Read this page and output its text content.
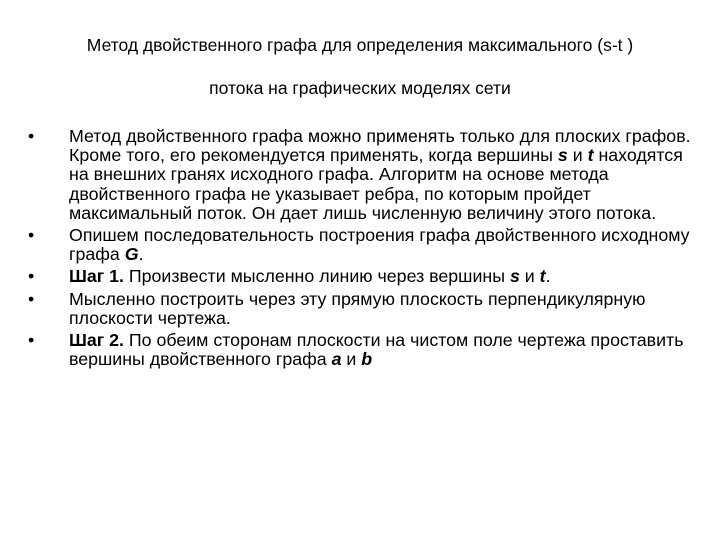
Метод двойственного графа для определения максимального (s-t )
потока на графических моделях сети
•	Метод двойственного графа можно применять только для плоских графов. Кроме того, его рекомендуется применять, когда вершины s и t находятся на внешних гранях исходного графа. Алгоритм на основе метода двойственного графа не указывает ребра, по которым пройдет максимальный поток. Он дает лишь численную величину этого потока.
•	Опишем последовательность построения графа двойственного исходному графа G.
•	Шаг 1. Произвести мысленно линию через вершины s и t.
•	Мысленно построить через эту прямую плоскость перпендикулярную плоскости чертежа.
•	Шаг 2. По обеим сторонам плоскости на чистом поле чертежа проставить вершины двойственного графа a и b
